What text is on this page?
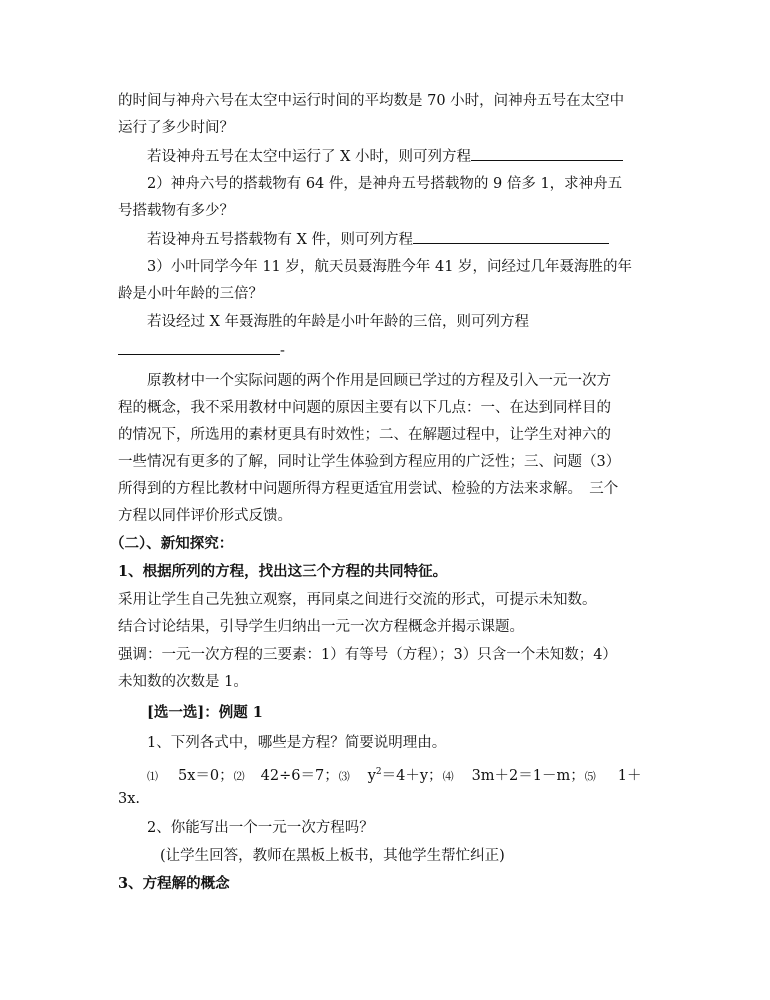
的时间与神舟六号在太空中运行时间的平均数是 70 小时，问神舟五号在太空中
运行了多少时间？
若设神舟五号在太空中运行了 X 小时，则可列方程
2）神舟六号的搭载物有 64 件，是神舟五号搭载物的 9 倍多 1，求神舟五
号搭载物有多少？
若设神舟五号搭载物有 X 件，则可列方程
3）小叶同学今年 11 岁，航天员聂海胜今年 41 岁，问经过几年聂海胜的年
龄是小叶年龄的三倍？
若设经过 X 年聂海胜的年龄是小叶年龄的三倍，则可列方程
-
原教材中一个实际问题的两个作用是回顾已学过的方程及引入一元一次方
程的概念，我不采用教材中问题的原因主要有以下几点：一、在达到同样目的
的情况下，所选用的素材更具有时效性；二、在解题过程中，让学生对神六的
一些情况有更多的了解，同时让学生体验到方程应用的广泛性；三、问题（3）
所得到的方程比教材中问题所得方程更适宜用尝试、检验的方法来求解。　三个
方程以同伴评价形式反馈。
（二）、新知探究：
1、根据所列的方程，找出这三个方程的共同特征。
采用让学生自己先独立观察，再同桌之间进行交流的形式，可提示未知数。
结合讨论结果，引导学生归纳出一元一次方程概念并揭示课题。
强调：一元一次方程的三要素：1）有等号（方程）；3）只含一个未知数；4）
未知数的次数是 1。
[选一选]：例题 1
1、下列各式中，哪些是方程？简要说明理由。
⑴ 5x＝0；⑵ 42÷6＝7；⑶ $y^2=4+y$；⑷ 3m＋2＝1－m；⑸ 1＋
3x.
2、你能写出一个一元一次方程吗？
(让学生回答，教师在黑板上板书，其他学生帮忙纠正)
3、方程解的概念
